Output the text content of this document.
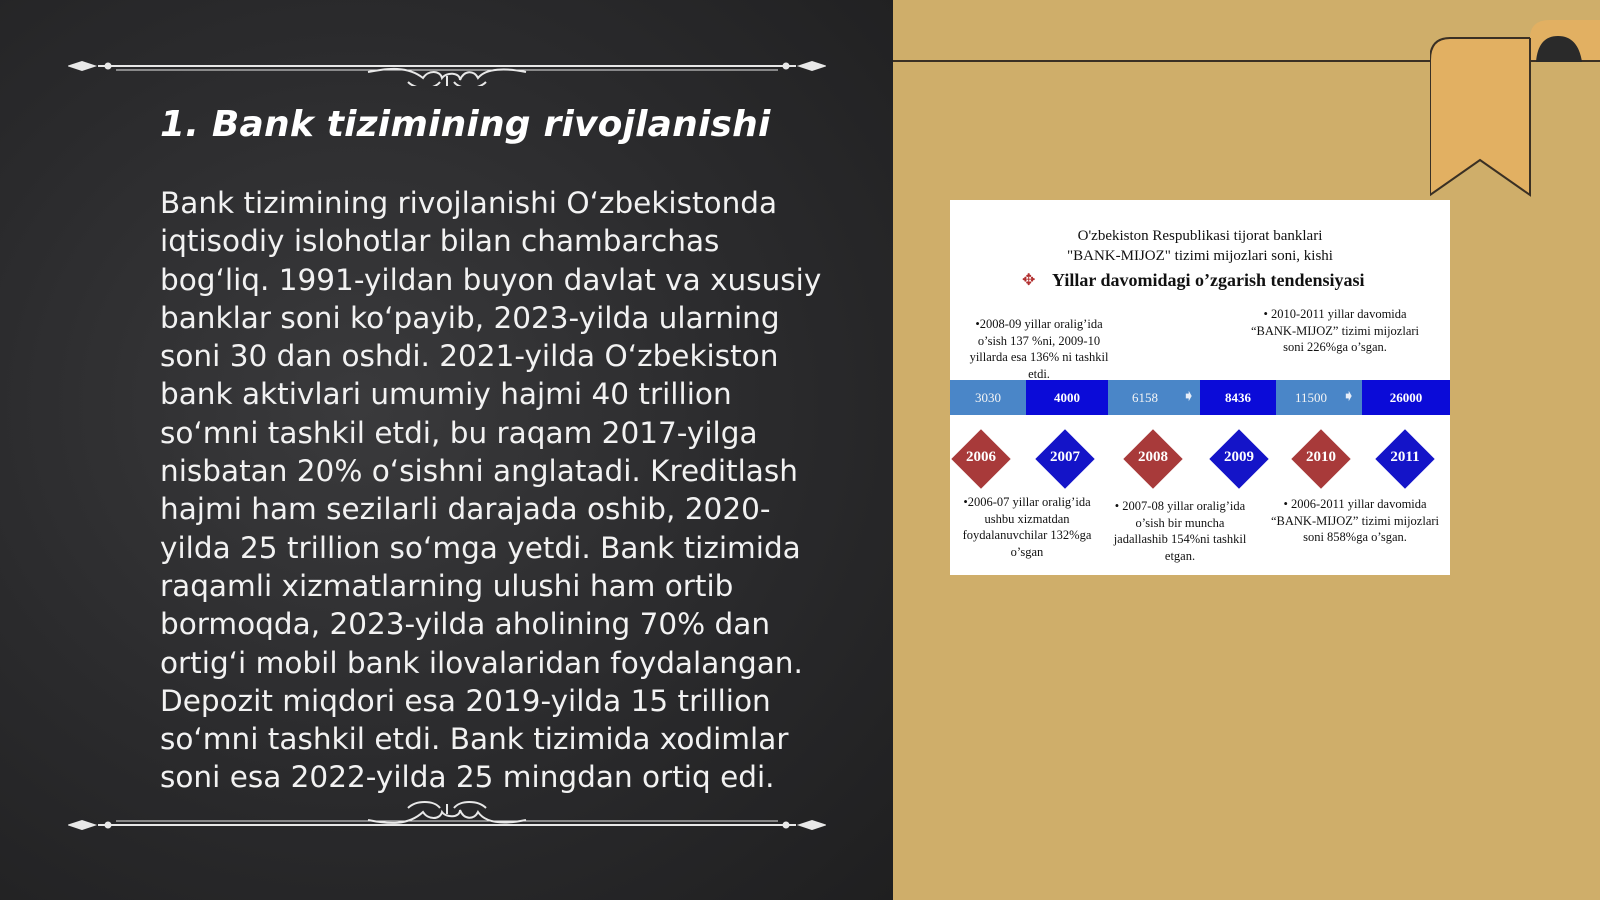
1. Bank tizimining rivojlanishi

Bank tizimining rivojlanishi O‘zbekistonda iqtisodiy islohotlar bilan chambarchas bog‘liq. 1991-yildan buyon davlat va xususiy banklar soni ko‘payib, 2023-yilda ularning soni 30 dan oshdi. 2021-yilda O‘zbekiston bank aktivlari umumiy hajmi 40 trillion so‘mni tashkil etdi, bu raqam 2017-yilga nisbatan 20% o‘sishni anglatadi. Kreditlash hajmi ham sezilarli darajada oshib, 2020-yilda 25 trillion so‘mga yetdi. Bank tizimida raqamli xizmatlarning ulushi ham ortib bormoqda, 2023-yilda aholining 70% dan ortig‘i mobil bank ilovalaridan foydalangan. Depozit miqdori esa 2019-yilda 15 trillion so‘mni tashkil etdi. Bank tizimida xodimlar soni esa 2022-yilda 25 mingdan ortiq edi.

O'zbekiston Respublikasi tijorat banklari
"BANK-MIJOZ" tizimi mijozlari soni, kishi
✥ Yillar davomidagi o’zgarish tendensiyasi
•2008-09 yillar oralig’ida o’sish 137 %ni, 2009-10 yillarda esa 136% ni tashkil etdi.
• 2010-2011 yillar davomida “BANK-MIJOZ” tizimi mijozlari soni 226%ga o’sgan.
3030	4000	6158	➧	8436	11500 ➧	26000
2006	2007	2008	2009	2010	2011
•2006-07 yillar oralig’ida ushbu xizmatdan foydalanuvchilar 132%ga o’sgan
• 2007-08 yillar oralig’ida o’sish bir muncha jadallashib 154%ni tashkil etgan.
• 2006-2011 yillar davomida “BANK-MIJOZ” tizimi mijozlari soni 858%ga o’sgan.
